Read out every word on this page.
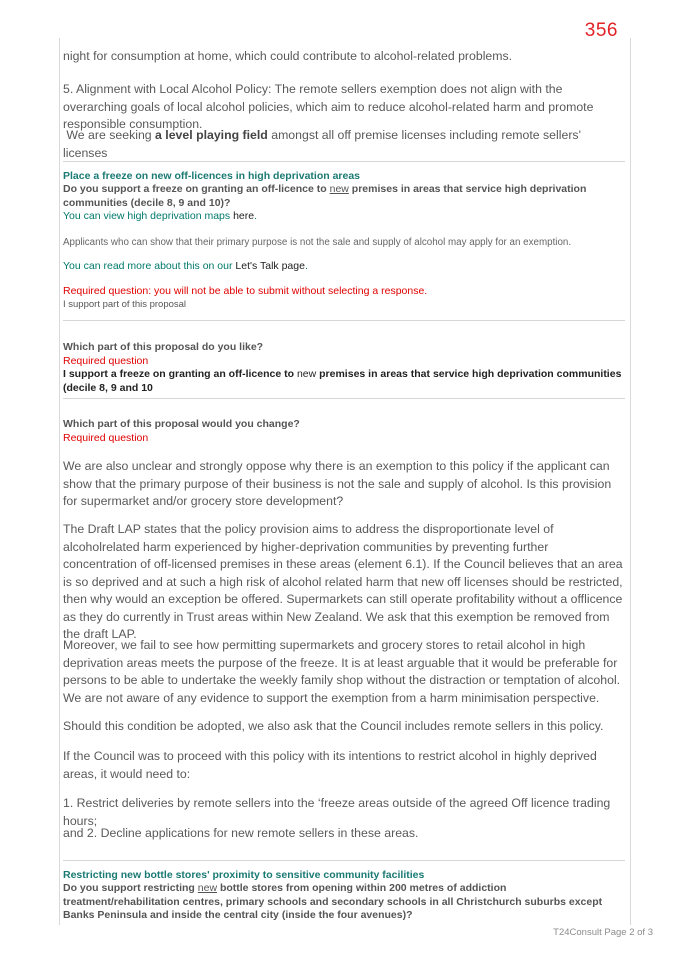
356

night for consumption at home, which could contribute to alcohol-related problems.

5. Alignment with Local Alcohol Policy: The remote sellers exemption does not align with the overarching goals of local alcohol policies, which aim to reduce alcohol-related harm and promote responsible consumption.

We are seeking a level playing field amongst all off premise licenses including remote sellers' licenses

Place a freeze on new off-licences in high deprivation areas
Do you support a freeze on granting an off-licence to new premises in areas that service high deprivation communities (decile 8, 9 and 10)?
You can view high deprivation maps here.
Applicants who can show that their primary purpose is not the sale and supply of alcohol may apply for an exemption.
You can read more about this on our Let's Talk page.
Required question: you will not be able to submit without selecting a response.
I support part of this proposal
Which part of this proposal do you like?
Required question
I support a freeze on granting an off-licence to new premises in areas that service high deprivation communities (decile 8, 9 and 10
Which part of this proposal would you change?
Required question

We are also unclear and strongly oppose why there is an exemption to this policy if the applicant can show that the primary purpose of their business is not the sale and supply of alcohol. Is this provision for supermarket and/or grocery store development?

The Draft LAP states that the policy provision aims to address the disproportionate level of alcoholrelated harm experienced by higher-deprivation communities by preventing further concentration of off-licensed premises in these areas (element 6.1). If the Council believes that an area is so deprived and at such a high risk of alcohol related harm that new off licenses should be restricted, then why would an exception be offered. Supermarkets can still operate profitability without a offlicence as they do currently in Trust areas within New Zealand. We ask that this exemption be removed from the draft LAP.

Moreover, we fail to see how permitting supermarkets and grocery stores to retail alcohol in high deprivation areas meets the purpose of the freeze. It is at least arguable that it would be preferable for persons to be able to undertake the weekly family shop without the distraction or temptation of alcohol. We are not aware of any evidence to support the exemption from a harm minimisation perspective.

Should this condition be adopted, we also ask that the Council includes remote sellers in this policy.

If the Council was to proceed with this policy with its intentions to restrict alcohol in highly deprived areas, it would need to:

1. Restrict deliveries by remote sellers into the ‘freeze areas outside of the agreed Off licence trading hours;

and 2. Decline applications for new remote sellers in these areas.

Restricting new bottle stores' proximity to sensitive community facilities
Do you support restricting new bottle stores from opening within 200 metres of addiction treatment/rehabilitation centres, primary schools and secondary schools in all Christchurch suburbs except Banks Peninsula and inside the central city (inside the four avenues)?
T24Consult Page 2 of 3
